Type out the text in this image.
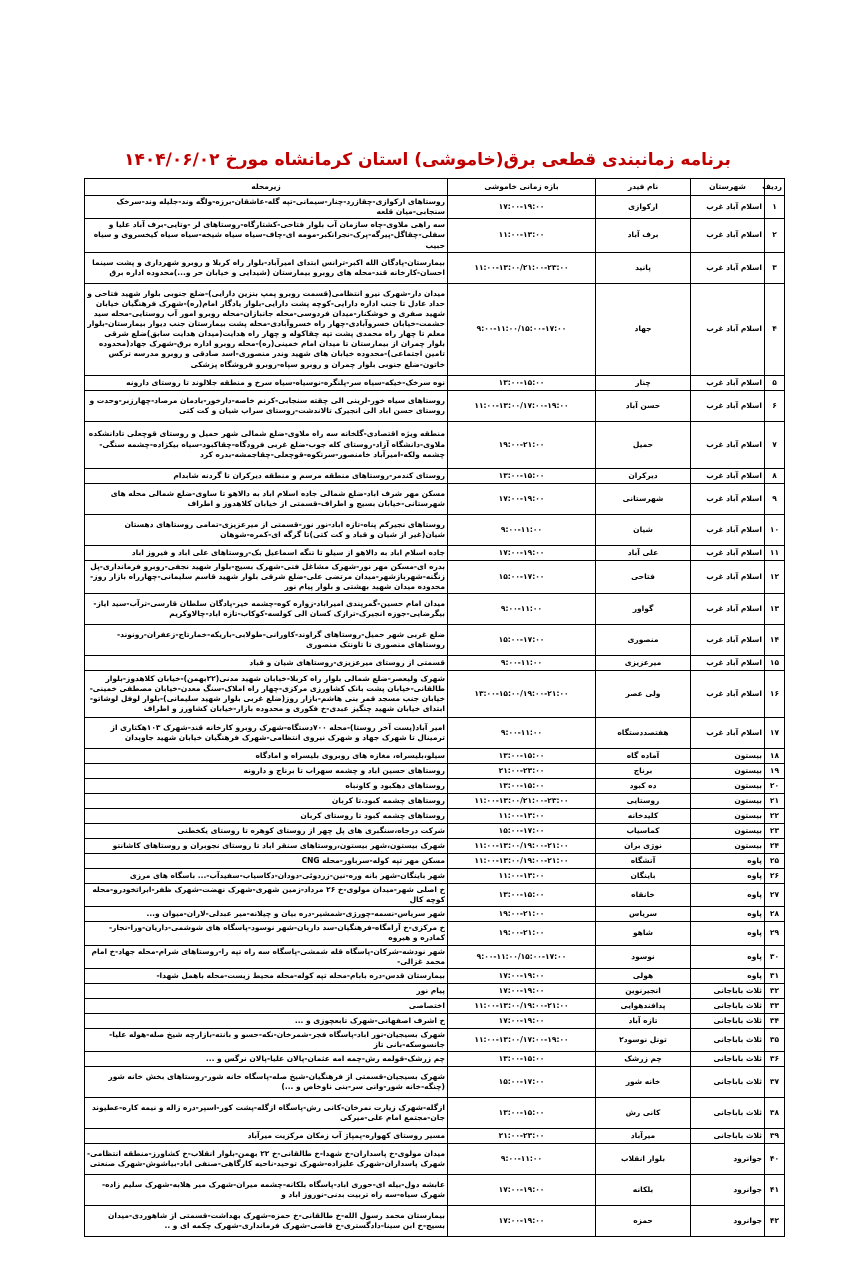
برنامه زمانبندی قطعی برق(خاموشی) استان کرمانشاه مورخ ۱۴۰۴/۰۶/۰۲
ردیف	شهرستان	نام فیدر	بازه زمانی خاموشی	زیرمحله
۱	اسلام آباد غرب	ارکوازی	۱۷:۰۰-۱۹:۰۰	روستاهای ارکوازی-چقازرد-چنار-سیمانی-تپه گله-عاشقان-برزه-ولگه وند-جلیله وند-سرخک سنجابی-میان قلعه
۲	اسلام آباد غرب	برف آباد	۱۱:۰۰-۱۳:۰۰	سه راهی ملاوی-چاه سازمان آب بلوار فتاحی-کشتارگاه-روستاهای لر -وتایی-برف آباد علیا و سفلی-چقاگل-پیرگه-پرک-نجرانکبر-مومه ای-چاف-سیاه سیاه شیخه-سیاه سیاه کیخسروی و سیاه حبیب
۳	اسلام آباد غرب	پانید	۱۱:۰۰-۱۳:۰۰/۲۱:۰۰-۲۳:۰۰	بیمارستان-پادگان الله اکبر-ترانس ابتدای امیرآباد-بلوار راه کربلا و روبرو شهرداری و پشت سینما احسان-کارخانه قند-محله های روبرو بیمارستان (شیدایی و خیابان حر و...)محدوده اداره برق
۴	اسلام آباد غرب	جهاد	۹:۰۰-۱۱:۰۰/۱۵:۰۰-۱۷:۰۰	میدان دار-شهرک نیرو انتظامی(قسمت روبرو پمپ بنزین دارایی)-ضلع جنوبی بلوار شهید فتاحی و حداد عادل تا جنب اداره دارایی-کوچه پشت دارایی-بلوار یادگار امام(ره)-شهرک فرهنگیان خیابان شهید صفری و خوشکنار-میدان فردوسی-محله جانبازان-محله روبرو امور آب روستایی-محله سید حشمت-خیابان خسروآبادی-چهار راه خسروآبادی-محله پشت بیمارستان جنب دیوار بیمارستان-بلوار معلم تا چهار راه محمدی پشت تپه چقاکوله و چهار راه هدایت(میدان هدایت سابق)ضلع شرقی بلوار چمران از بیمارستان تا میدان امام خمینی(ره)-محله روبرو اداره برق-شهرک جهاد(محدوده تامین اجتماعی)-محدوده خیابان های شهید وندر منصوری-اسد صادقی و روبرو مدرسه ترکس خاتون-ضلع جنوبی بلوار چمران و روبرو سپاه-روبرو فروشگاه پزشکی
۵	اسلام آباد غرب	چنار	۱۳:۰۰-۱۵:۰۰	نوه سرخک-خیکه-سیاه سر-پلنگره-نوسیاه-سیاه سرخ و منطقه جلالوند تا روستای دارونه
۶	اسلام آباد غرب	حسن آباد	۱۱:۰۰-۱۳:۰۰/۱۷:۰۰-۱۹:۰۰	روستاهای سیاه خور-لرینی الی چقته سنجابی-کرنم خاصه-دارخور-بادمان مرصاد-چهارزبر-وحدت و روستای حسن اباد الی انجیرک تالاندشت-روستای سراب شیان و کت کتی
۷	اسلام آباد غرب	حمیل	۱۹:۰۰-۲۱:۰۰	منطقه ویژه اقتصادی-گلخانه سه راه ملاوی-ضلع شمالی شهر حمیل و روستای قوچعلی تادانشکده ملاوی-دانشگاه آزاد-روستای کله جوب-ضلع غربی فرودگاه-چقاکبود-سیاه بیکزاده-چشمه سنگی-چشمه ولکه-امیرآباد خامنصور-سرنکوه-قوچعلی-چقاجمشه-بدره کرد
۸	اسلام آباد غرب	دیرکران	۱۳:۰۰-۱۵:۰۰	روستای کندمر-روستاهای منطقه مرسم و منطقه دیرکران تا گردنه شابدام
۹	اسلام آباد غرب	شهرستانی	۱۷:۰۰-۱۹:۰۰	مسکن مهر شرف اباد-ضلع شمالی جاده اسلام اباد به دالاهو تا ساوی-ضلع شمالی محله های شهرستانی-خیابان بسیج و اطراف-قسمتی از خیابان کلاهدوز و اطراف
۱۰	اسلام آباد غرب	شیان	۹:۰۰-۱۱:۰۰	روستاهای نجیرکم پناه-تازه اباد-نور نور-قسمتی از میرعزیزی-تمامی روستاهای دهستان شیان(غیر از شیان و قباد و کت کتی)تا گرگه ای-کمره-شوهان
۱۱	اسلام آباد غرب	علی آباد	۱۷:۰۰-۱۹:۰۰	جاده اسلام اباد به دالاهو از سیلو تا تنگه اسماعیل بک-روستاهای علی اباد و فیروز اباد
۱۲	اسلام آباد غرب	فتاحی	۱۵:۰۰-۱۷:۰۰	بدره ای-مسکن مهر نور-شهرک مشاغل فنی-شهرک بسیج-بلوار شهید نجفی-روبرو فرمانداری-پل زنگنه-شهربازشهر-میدان مرتضی علی-ضلع شرقی بلوار شهید قاسم سلیمانی-چهارراه بازار روز-محدوده میدان شهید بهشتی و بلوار پیام نور
۱۳	اسلام آباد غرب	گواور	۹:۰۰-۱۱:۰۰	میدان امام حسین-گمرپندی امیراباد-زواره کوه-چشمه خیر-پادگان سلطان قارسی-ترآب-سید ایاز-بیگرضایی-جوزه انجیرک-ترازک کسان الی کولسه-کوکاب-تازه اباد-چالاوکریم
۱۴	اسلام آباد غرب	منصوری	۱۵:۰۰-۱۷:۰۰	ضلع غربی شهر حمیل-روستاهای گراوند-کاورانی-طولابی-باریکه-خمارتاج-زعفران-رونوند-روستاهای منصوری تا تاونتک منصوری
۱۵	اسلام آباد غرب	میرعزیزی	۹:۰۰-۱۱:۰۰	قسمتی از روستای میرعزیزی-روستاهای شیان و قباد
۱۶	اسلام آباد غرب	ولی عصر	۱۳:۰۰-۱۵:۰۰/۱۹:۰۰-۲۱:۰۰	شهرک ولیعصر-ضلع شمالی بلوار راه کربلا-خیابان شهید مدنی(۲۲بهمن)-خیابان کلاهدوز-بلوار طالقانی-خیابان پشت بانک کشاورزی مرکزی-چهار راه املاک-سنگ معدن-خیابان مصطفی خمینی-خیابان جنب مسجد قمر بنی هاشم-بازار روز(ضلع غربی بلوار شهید سلیمانی)-بلوار لوفل لوشاتو-ابتدای خیابان شهید چنگیز عبدی-خ فکوری و محدوده بازار-خیابان کشاورز و اطراف
۱۷	اسلام آباد غرب	هفتصددستگاه	۹:۰۰-۱۱:۰۰	امیر آباد(پست آخر روستا)-محله ۷۰۰دستگاه-شهرک روبرو کارخانه قند-شهرک ۱۰۳هکتاری از ترمینال تا شهرک جهاد و شهرک نیروی انتظامی-شهرک فرهنگیان خیابان شهید جاویدان
۱۸	بیستون	آماده گاه	۱۳:۰۰-۱۵:۰۰	سیلو،بلیسراه، مغازه های روبروی بلیسراه و امادگاه
۱۹	بیستون	برناج	۲۱:۰۰-۲۳:۰۰	روستاهای حسین اباد و چشمه سهراب تا برناج و دارونه
۲۰	بیستون	ده کبود	۱۳:۰۰-۱۵:۰۰	روستاهای دهکبود و کاونباه
۲۱	بیستون	روستایی	۱۱:۰۰-۱۳:۰۰/۲۱:۰۰-۲۳:۰۰	روستاهای چشمه کبود.تا کربان
۲۲	بیستون	کلیدخانه	۱۱:۰۰-۱۳:۰۰	روستاهای چشمه کبود تا روستای کربان
۲۳	بیستون	کماسیاب	۱۵:۰۰-۱۷:۰۰	شرکت درجاه،سنگبری های پل چهر از روستای کوهره تا روستای یکخطنی
۲۴	بیستون	نوژی بران	۱۱:۰۰-۱۳:۰۰/۱۹:۰۰-۲۱:۰۰	شهرک بیستون،شهر بیستون،روستاهای سنقر اباد تا روستای نجوبران و روستاهای کاشانتو
۲۵	پاوه	آتشگاه	۱۱:۰۰-۱۳:۰۰/۱۹:۰۰-۲۱:۰۰	مسکن مهر تپه کوله-سرباور-محله CNG
۲۶	پاوه	باینگان	۱۱:۰۰-۱۳:۰۰	شهر باینگان-شهر بانه وره-نین-زردوئی-دودان-دکاسیاب-سفیدآب-... باسگاه های مرزی
۲۷	پاوه	خانقاه	۱۳:۰۰-۱۵:۰۰	خ اصلی شهر-میدان مولوی-خ ۲۶ مرداد-زمین شهری-شهرک نهضت-شهرک ظفر-ابراتخودرو-محله کوچه کال
۲۸	پاوه	سریاس	۱۹:۰۰-۲۱:۰۰	شهر سریاس-نسمه-چورژی-شمشیر-دره بیان و چیلانه-میر عبدلی-لاران-میوان و...
۲۹	پاوه	شاهو	۱۹:۰۰-۲۱:۰۰	خ مرکزی-خ آرامگاه-فرهنگیان-سد داریان-شهر نوسود-پاسگاه های شوشمی-داریان-ورا-نجار-کمادره و هیروه
۳۰	پاوه	نوسود	۹:۰۰-۱۱:۰۰/۱۵:۰۰-۱۷:۰۰	شهر نودشه-شرکان-پاسگاه قله شمشی-پاسگاه سه راه تپه را-روستاهای شرام-محله جهاد-خ امام محمد غزالی-
۳۱	پاوه	هولی	۱۷:۰۰-۱۹:۰۰	بیمارستان قدس-دره بابام-محله تپه کوله-محله محیط زیست-محله باهمل شهدا-
۳۲	ثلاث باباجانی	انجیرنوین	۱۷:۰۰-۱۹:۰۰	پیام نور
۳۳	ثلاث باباجانی	پدافندهوایی	۱۱:۰۰-۱۳:۰۰/۱۹:۰۰-۲۱:۰۰	اختصاصی
۳۴	ثلاث باباجانی	تازه آباد	۱۷:۰۰-۱۹:۰۰	خ اشرف اصفهانی-شهرک تابعچوزی و ...
۳۵	ثلاث باباجانی	تونل نوسود۲	۱۱:۰۰-۱۳:۰۰/۱۷:۰۰-۱۹:۰۰	شهرک بسیجیان-نور اباد-پاسگاه فجر-شمرخان-نکه-حسو و بانته-بازارچه شیخ صله-هوله علیا-جانسوسکه-بانی تاز
۳۶	ثلاث باباجانی	چم زرشک	۱۳:۰۰-۱۵:۰۰	چم زرشک-قولمه رش-چمه امه عثمان-پالان علیا-پالان نرگس و ...
۳۷	ثلاث باباجانی	خانه شور	۱۵:۰۰-۱۷:۰۰	شهرک بسیجیان-قسمتی از فرهنگیان-شیخ صله-پاسگاه خانه شور-روستاهای بخش خانه شور (چنگه-خانه شور-وانی سر-بنی ناوخاص و ...)
۳۸	ثلاث باباجانی	کانی رش	۱۳:۰۰-۱۵:۰۰	ازگله-شهرک زیارت نمرخان-کانی رش-پاسگاه ازگله-پشت کور-اسپر-دره زاله و نیمه کاره-عطیوند جان-مجتمع امام علی-میرکی
۳۹	ثلاث باباجانی	میرآباد	۲۱:۰۰-۲۳:۰۰	مسیر روستای کهواره-پمپاژ آب زمکان مرکزیت میرآباد
۴۰	جوانرود	بلوار انقلاب	۹:۰۰-۱۱:۰۰	میدان مولوی-خ پاسداران-خ شهدا-خ طالقانی-خ ۲۲ بهمن-بلوار انقلاب-خ کشاورز-منطقه انتظامی-شهرک پاسداران-شهرک علیزاده-شهرک توحید-ناحیه کارگاهی-صنفی اباد-بیاشوش-شهرک صنعتی
۴۱	جوانرود	بلکانه	۱۷:۰۰-۱۹:۰۰	عابشه دول-بیله ای-حوری اباد-پاسگاه بلکانه-چشمه میران-شهرک میر هلابه-شهرک سلیم زاده-شهرک سیاه-سه راه تربیت بدنی-نوروز اباد و
۴۲	جوانرود	حمزه	۱۷:۰۰-۱۹:۰۰	بیمارستان محمد رسول الله-خ طالقانی-خ حمزه-شهرک بهداشت-قسمتی از شاهوردی-میدان بسیج-خ ابن سینا-دادگستری-خ قاضی-شهرک فرمانداری-شهرک چکمه ای و ..
